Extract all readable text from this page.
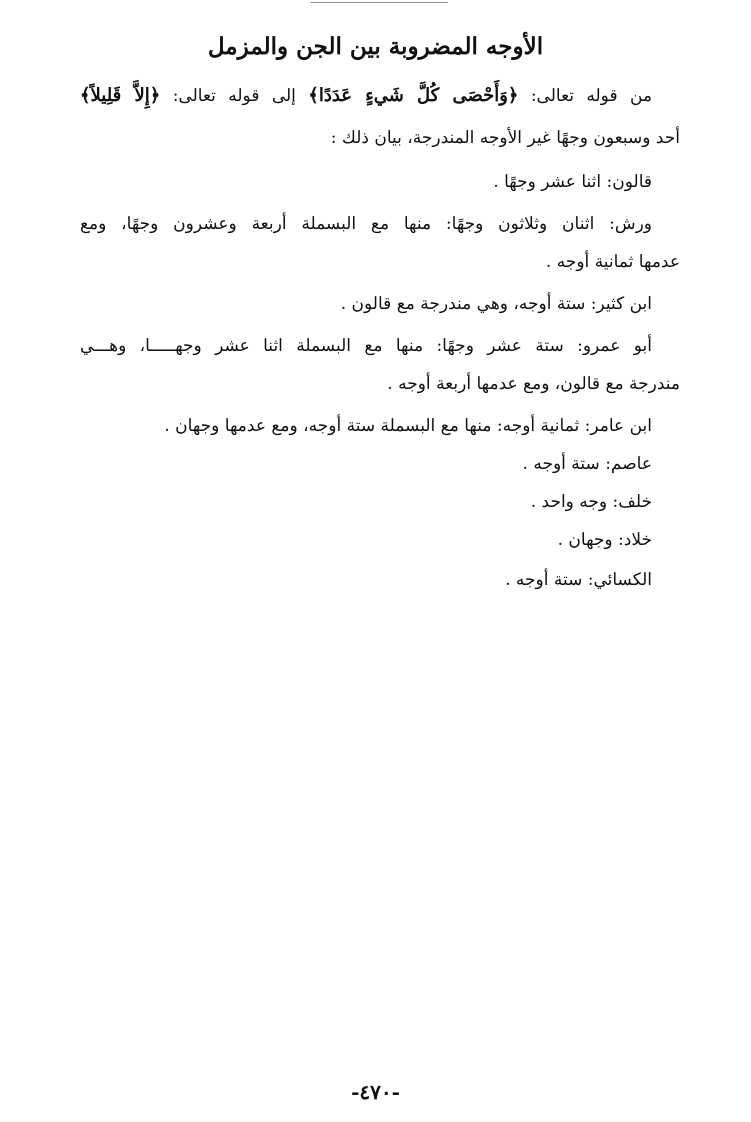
الأوجه المضروبة بين الجن والمزمل
من قوله تعالى: ﴿وَأَحْصَى كُلَّ شَيءٍ عَدَدًا﴾ إلى قوله تعالى: ﴿إِلاَّ قَلِيلاً﴾
أحد وسبعون وجهًا غير الأوجه المندرجة، بيان ذلك :
قالون: اثنا عشر وجهًا .
ورش: اثنان وثلاثون وجهًا: منها مع البسملة أربعة وعشرون وجهًا، ومع
عدمها ثمانية أوجه .
ابن كثير: ستة أوجه، وهي مندرجة مع قالون .
أبو عمرو: ستة عشر وجهًا: منها مع البسملة اثنا عشر وجهـــــا، وهـــي
مندرجة مع قالون، ومع عدمها أربعة أوجه .
ابن عامر: ثمانية أوجه: منها مع البسملة ستة أوجه، ومع عدمها وجهان .
عاصم: ستة أوجه .
خلف: وجه واحد .
خلاد: وجهان .
الكسائي: ستة أوجه .
-٤٧٠-
